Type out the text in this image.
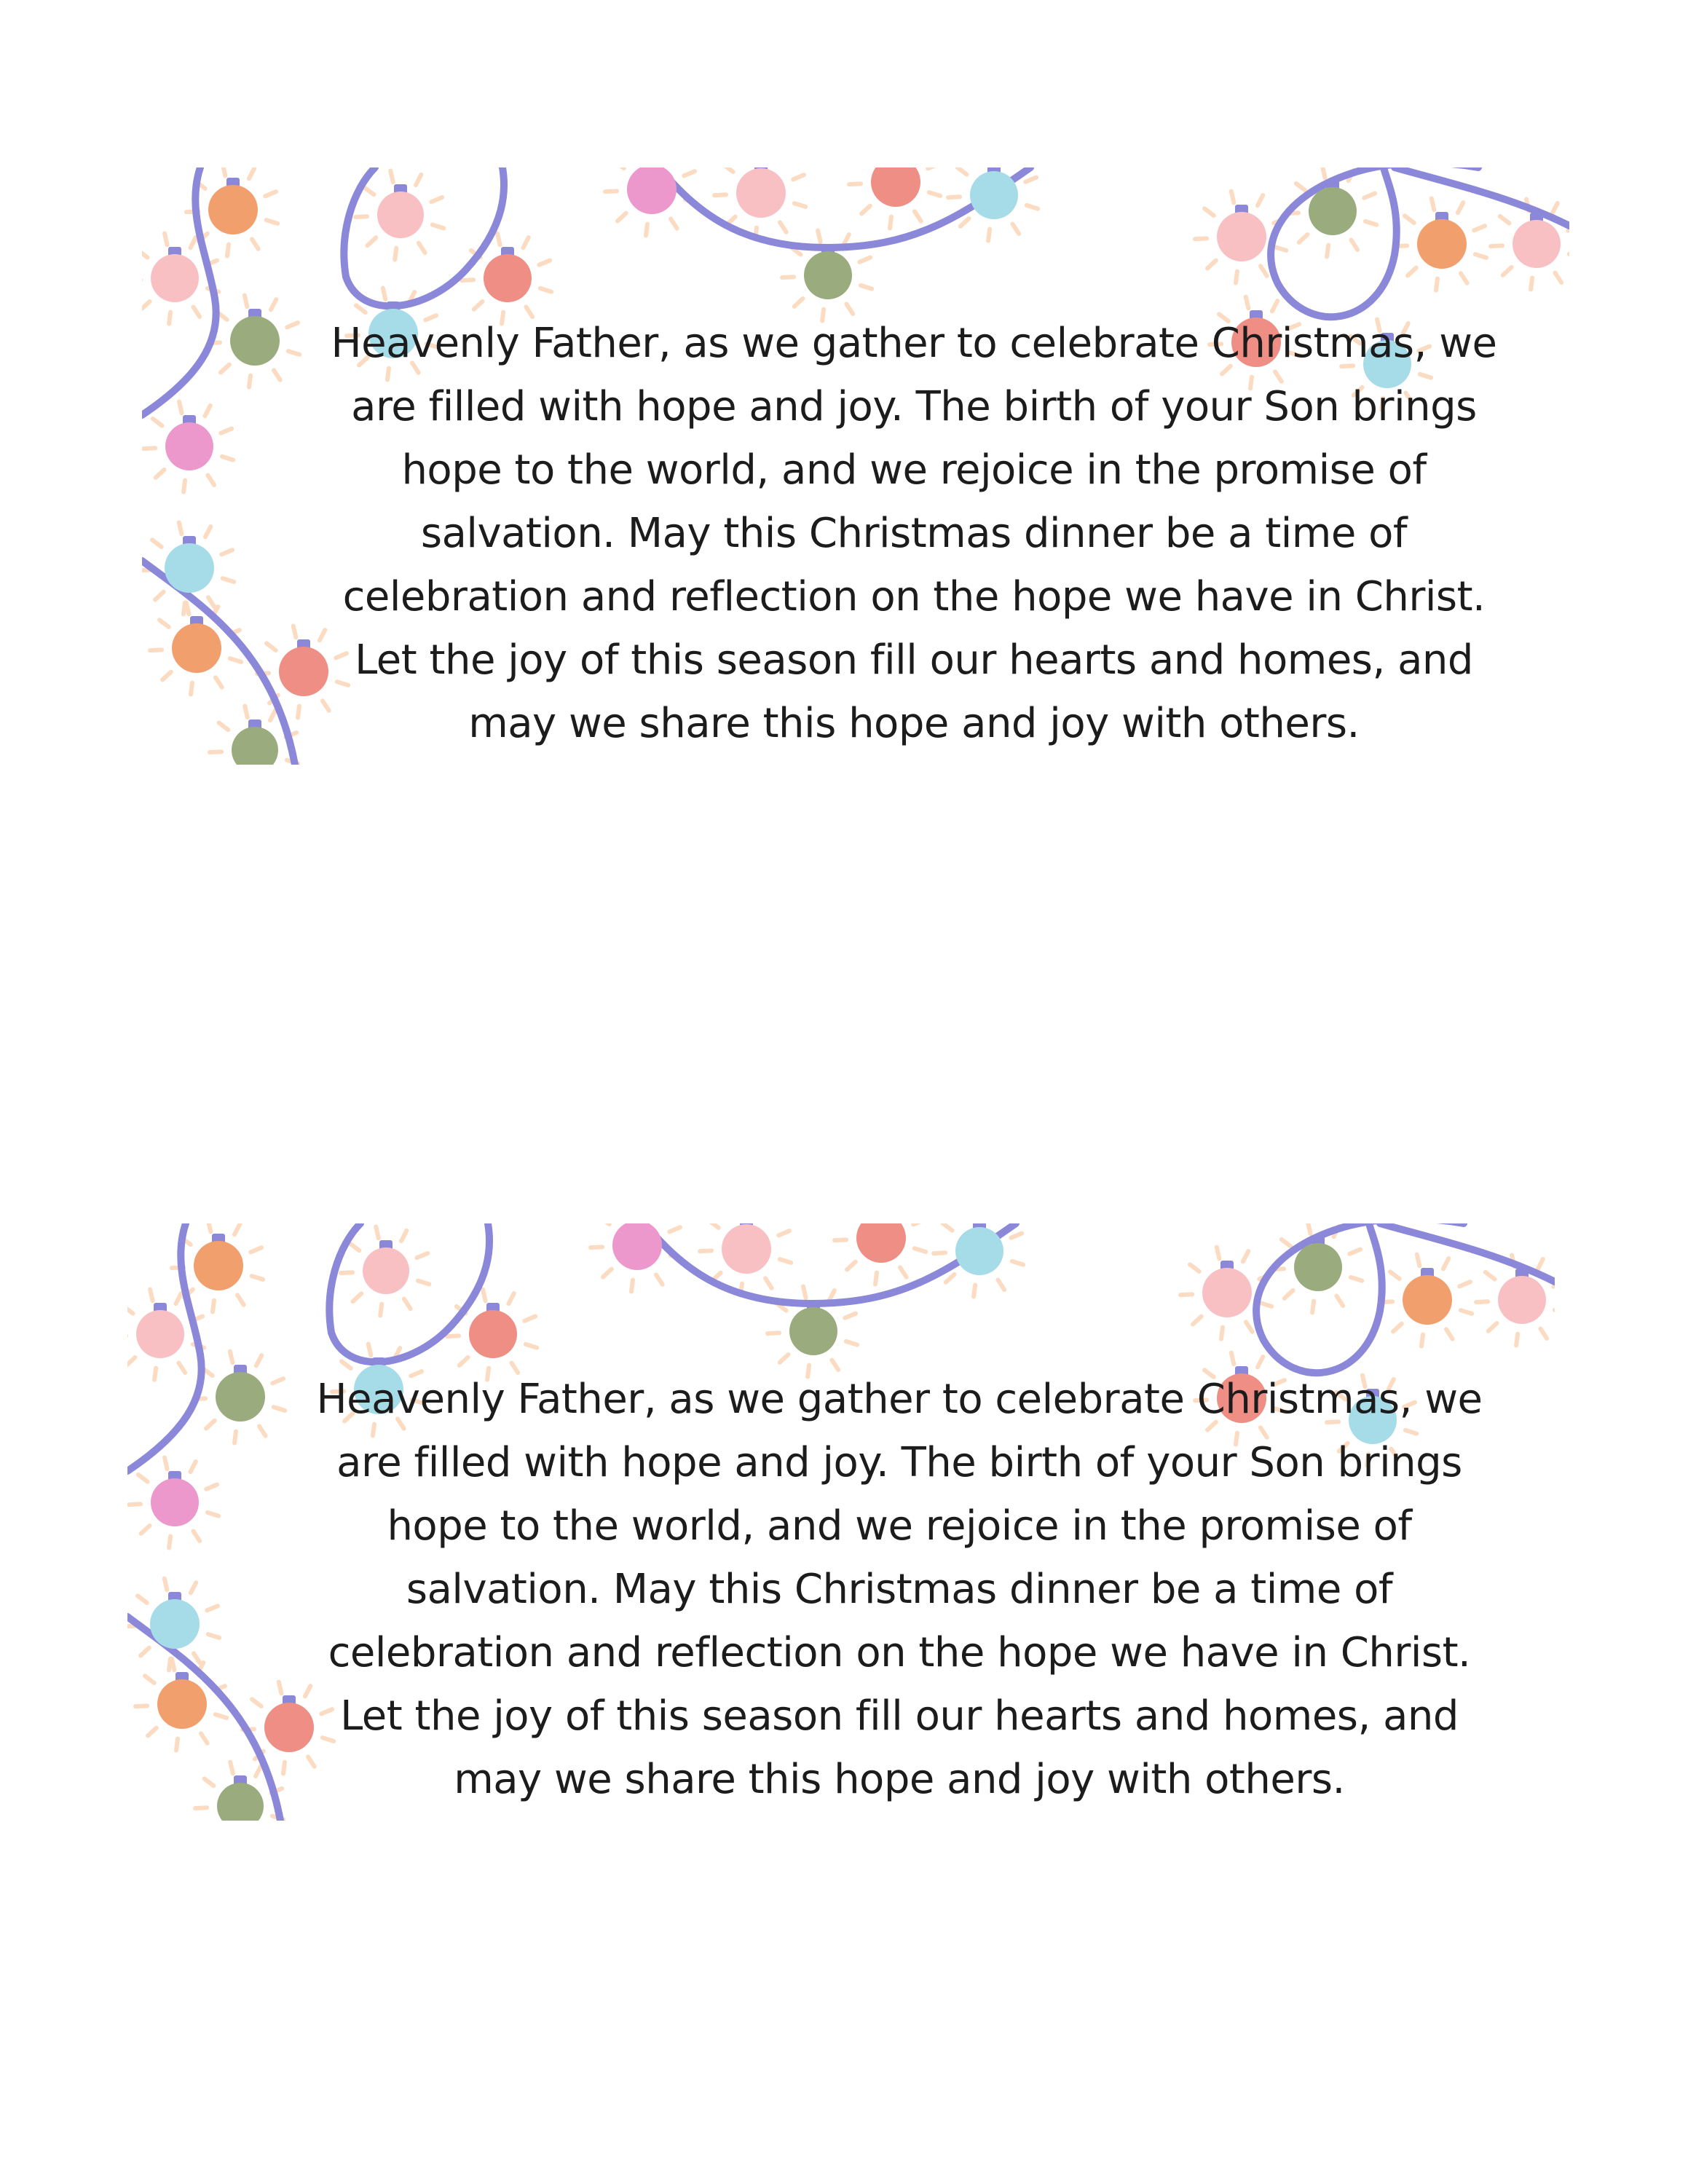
Heavenly Father, as we gather to celebrate Christmas, we
are filled with hope and joy. The birth of your Son brings
hope to the world, and we rejoice in the promise of
salvation. May this Christmas dinner be a time of
celebration and reflection on the hope we have in Christ.
Let the joy of this season fill our hearts and homes, and
may we share this hope and joy with others.

Heavenly Father, as we gather to celebrate Christmas, we
are filled with hope and joy. The birth of your Son brings
hope to the world, and we rejoice in the promise of
salvation. May this Christmas dinner be a time of
celebration and reflection on the hope we have in Christ.
Let the joy of this season fill our hearts and homes, and
may we share this hope and joy with others.
